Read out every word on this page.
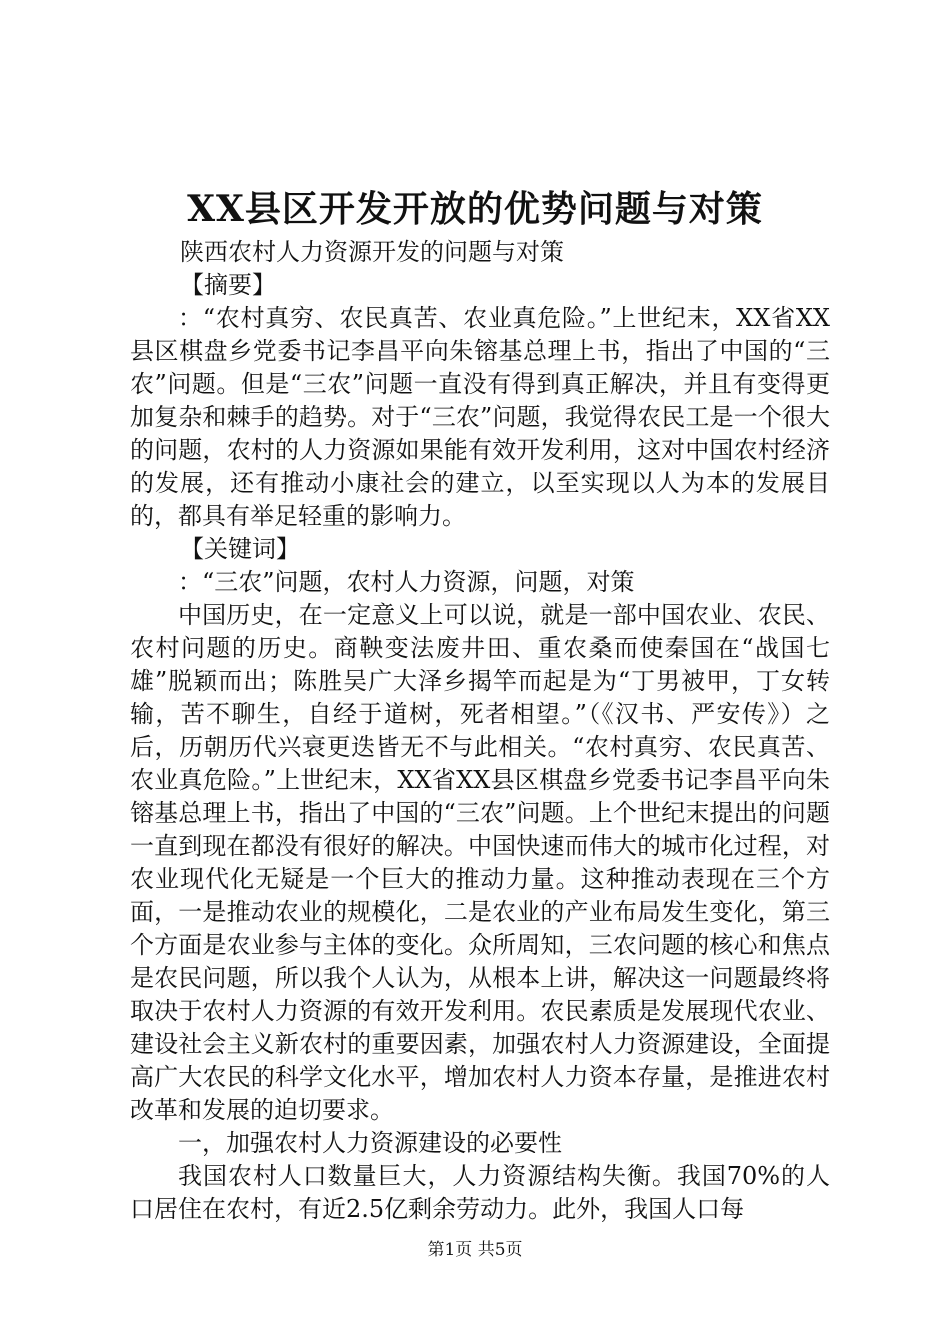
XX县区开发开放的优势问题与对策

陕西农村人力资源开发的问题与对策

【摘要】

：“农村真穷、农民真苦、农业真危险。”上世纪末，XX省XX县区棋盘乡党委书记李昌平向朱镕基总理上书，指出了中国的“三农”问题。但是“三农”问题一直没有得到真正解决，并且有变得更加复杂和棘手的趋势。对于“三农”问题，我觉得农民工是一个很大的问题，农村的人力资源如果能有效开发利用，这对中国农村经济的发展，还有推动小康社会的建立，以至实现以人为本的发展目的，都具有举足轻重的影响力。

【关键词】

：“三农”问题，农村人力资源，问题，对策

中国历史，在一定意义上可以说，就是一部中国农业、农民、农村问题的历史。商鞅变法废井田、重农桑而使秦国在“战国七雄”脱颖而出；陈胜吴广大泽乡揭竿而起是为“丁男被甲，丁女转输，苦不聊生，自经于道树，死者相望。”（《汉书、严安传》）之后，历朝历代兴衰更迭皆无不与此相关。“农村真穷、农民真苦、农业真危险。”上世纪末，XX省XX县区棋盘乡党委书记李昌平向朱镕基总理上书，指出了中国的“三农”问题。上个世纪末提出的问题一直到现在都没有很好的解决。中国快速而伟大的城市化过程，对农业现代化无疑是一个巨大的推动力量。这种推动表现在三个方面，一是推动农业的规模化，二是农业的产业布局发生变化，第三个方面是农业参与主体的变化。众所周知，三农问题的核心和焦点是农民问题，所以我个人认为，从根本上讲，解决这一问题最终将取决于农村人力资源的有效开发利用。农民素质是发展现代农业、建设社会主义新农村的重要因素，加强农村人力资源建设，全面提高广大农民的科学文化水平，增加农村人力资本存量，是推进农村改革和发展的迫切要求。

一，加强农村人力资源建设的必要性

我国农村人口数量巨大，人力资源结构失衡。我国70%的人口居住在农村，有近2.5亿剩余劳动力。此外，我国人口每

第1页 共5页
